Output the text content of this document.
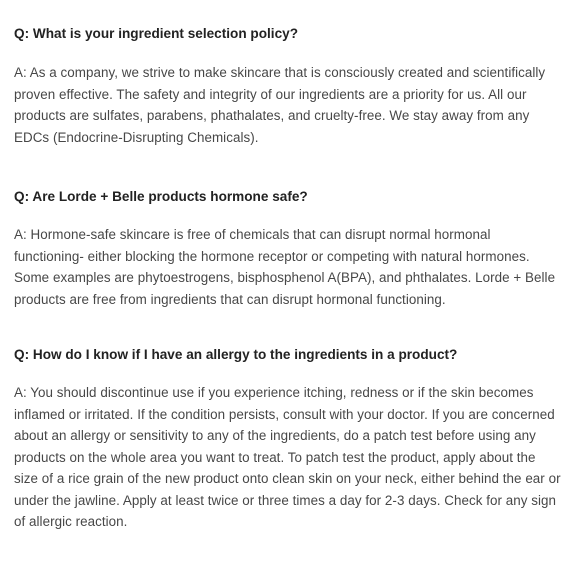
Q: What is your ingredient selection policy?

A: As a company, we strive to make skincare that is consciously created and scientifically
proven effective. The safety and integrity of our ingredients are a priority for us. All our
products are sulfates, parabens, phathalates, and cruelty-free. We stay away from any
EDCs (Endocrine-Disrupting Chemicals).

Q: Are Lorde + Belle products hormone safe?

A: Hormone-safe skincare is free of chemicals that can disrupt normal hormonal
functioning- either blocking the hormone receptor or competing with natural hormones.
Some examples are phytoestrogens, bisphosphenol A(BPA), and phthalates. Lorde + Belle
products are free from ingredients that can disrupt hormonal functioning.

Q: How do I know if I have an allergy to the ingredients in a product?

A: You should discontinue use if you experience itching, redness or if the skin becomes
inflamed or irritated. If the condition persists, consult with your doctor. If you are concerned
about an allergy or sensitivity to any of the ingredients, do a patch test before using any
products on the whole area you want to treat. To patch test the product, apply about the
size of a rice grain of the new product onto clean skin on your neck, either behind the ear or
under the jawline. Apply at least twice or three times a day for 2-3 days. Check for any sign
of allergic reaction.
